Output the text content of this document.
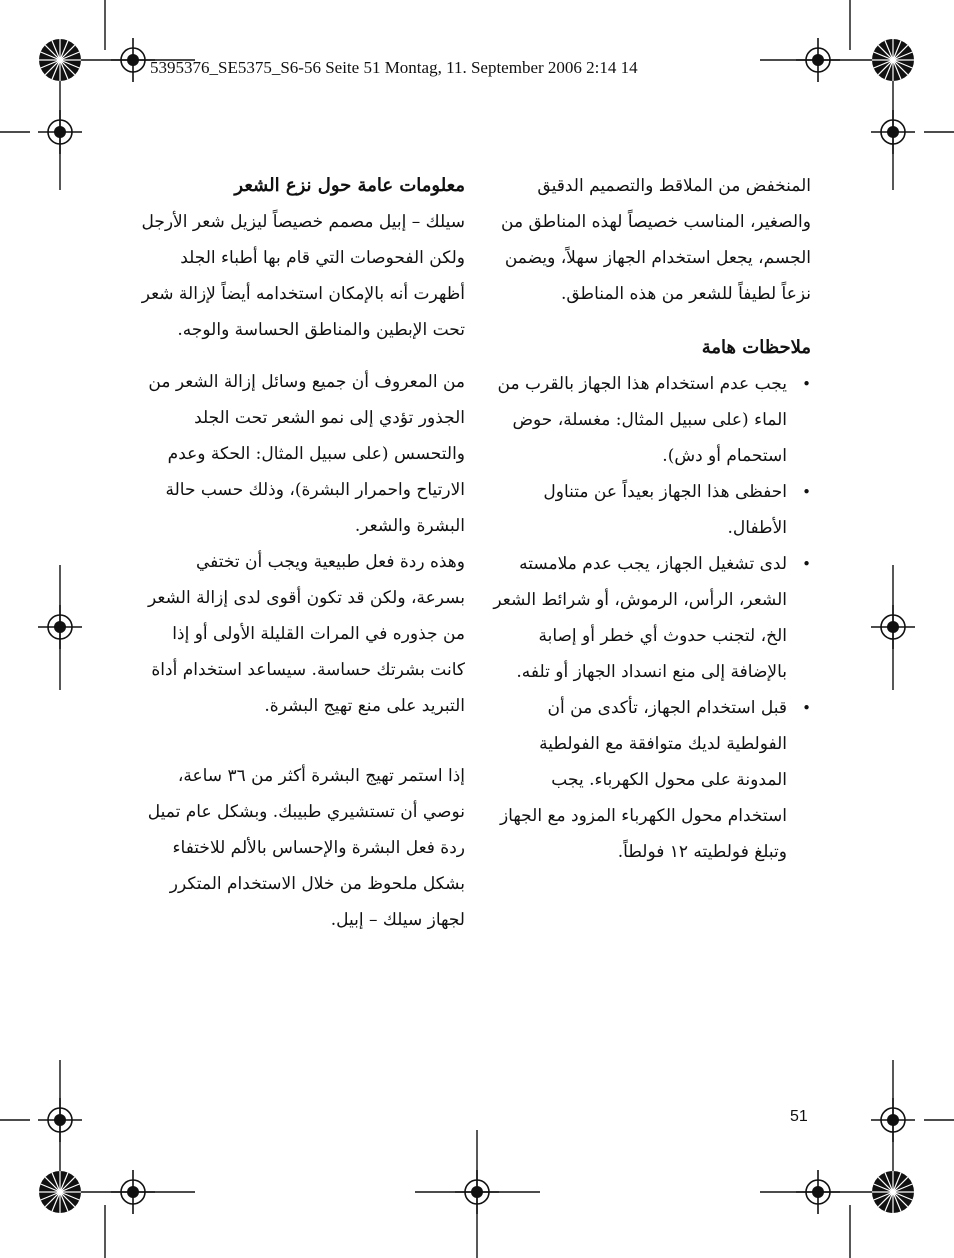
5395376_SE5375_S6-56 Seite 51 Montag, 11. September 2006 2:14 14

المنخفض من الملاقط والتصميم الدقيق والصغير، المناسب خصيصاً لهذه المناطق من الجسم، يجعل استخدام الجهاز سهلاً، ويضمن نزعاً لطيفاً للشعر من هذه المناطق.

ملاحظات هامة
•
يجب عدم استخدام هذا الجهاز بالقرب من الماء (على سبيل المثال: مغسلة، حوض استحمام أو دش).
•
احفظى هذا الجهاز بعيداً عن متناول الأطفال.
•
لدى تشغيل الجهاز، يجب عدم ملامسته الشعر، الرأس، الرموش، أو شرائط الشعر الخ، لتجنب حدوث أي خطر أو إصابة بالإضافة إلى منع انسداد الجهاز أو تلفه.
•
قبل استخدام الجهاز، تأكدى من أن الفولطية لديك متوافقة مع الفولطية المدونة على محول الكهرباء. يجب استخدام محول الكهرباء المزود مع الجهاز وتبلغ فولطيته ١٢ فولطاً.
معلومات عامة حول نزع الشعر

سيلك – إبيل مصمم خصيصاً ليزيل شعر الأرجل ولكن الفحوصات التي قام بها أطباء الجلد أظهرت أنه بالإمكان استخدامه أيضاً لإزالة شعر تحت الإبطين والمناطق الحساسة والوجه.

من المعروف أن جميع وسائل إزالة الشعر من الجذور تؤدي إلى نمو الشعر تحت الجلد والتحسس (على سبيل المثال: الحكة وعدم الارتياح واحمرار البشرة)، وذلك حسب حالة البشرة والشعر.

وهذه ردة فعل طبيعية ويجب أن تختفي بسرعة، ولكن قد تكون أقوى لدى إزالة الشعر من جذوره في المرات القليلة الأولى أو إذا كانت بشرتك حساسة. سيساعد استخدام أداة التبريد على منع تهيج البشرة.

إذا استمر تهيج البشرة أكثر من ٣٦ ساعة، نوصي أن تستشيري طبيبك. وبشكل عام تميل ردة فعل البشرة والإحساس بالألم للاختفاء بشكل ملحوظ من خلال الاستخدام المتكرر لجهاز سيلك – إبيل.

51
